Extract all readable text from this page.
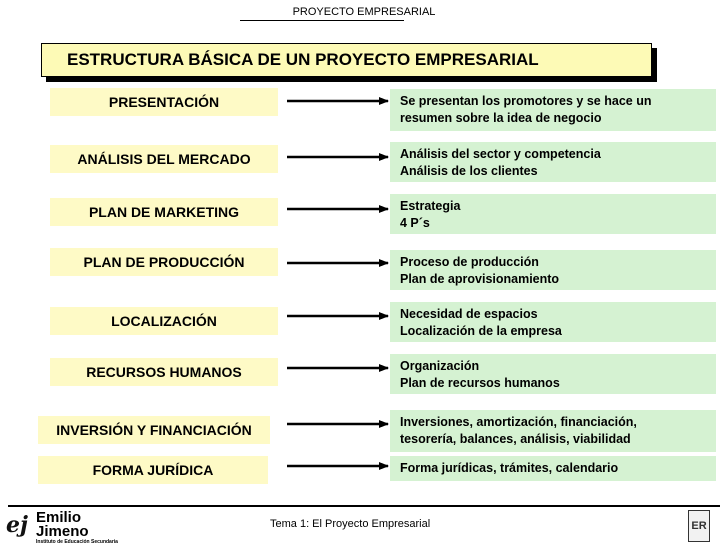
PROYECTO EMPRESARIAL
ESTRUCTURA BÁSICA DE UN PROYECTO EMPRESARIAL
PRESENTACIÓN
ANÁLISIS DEL MERCADO
PLAN DE MARKETING
PLAN DE PRODUCCIÓN
LOCALIZACIÓN
RECURSOS HUMANOS
INVERSIÓN Y FINANCIACIÓN
FORMA JURÍDICA
Se presentan los promotores y se hace un
resumen sobre la idea de negocio
Análisis del sector y competencia
Análisis de los clientes
Estrategia
4 P´s
Proceso de producción
Plan de aprovisionamiento
Necesidad de espacios
Localización de la empresa
Organización
Plan de recursos humanos
Inversiones, amortización, financiación,
tesorería, balances, análisis, viabilidad
Forma jurídicas, trámites, calendario
ej Emilio
Jimeno
Instituto de Educación Secundaria
Tema 1: El Proyecto Empresarial	ER
